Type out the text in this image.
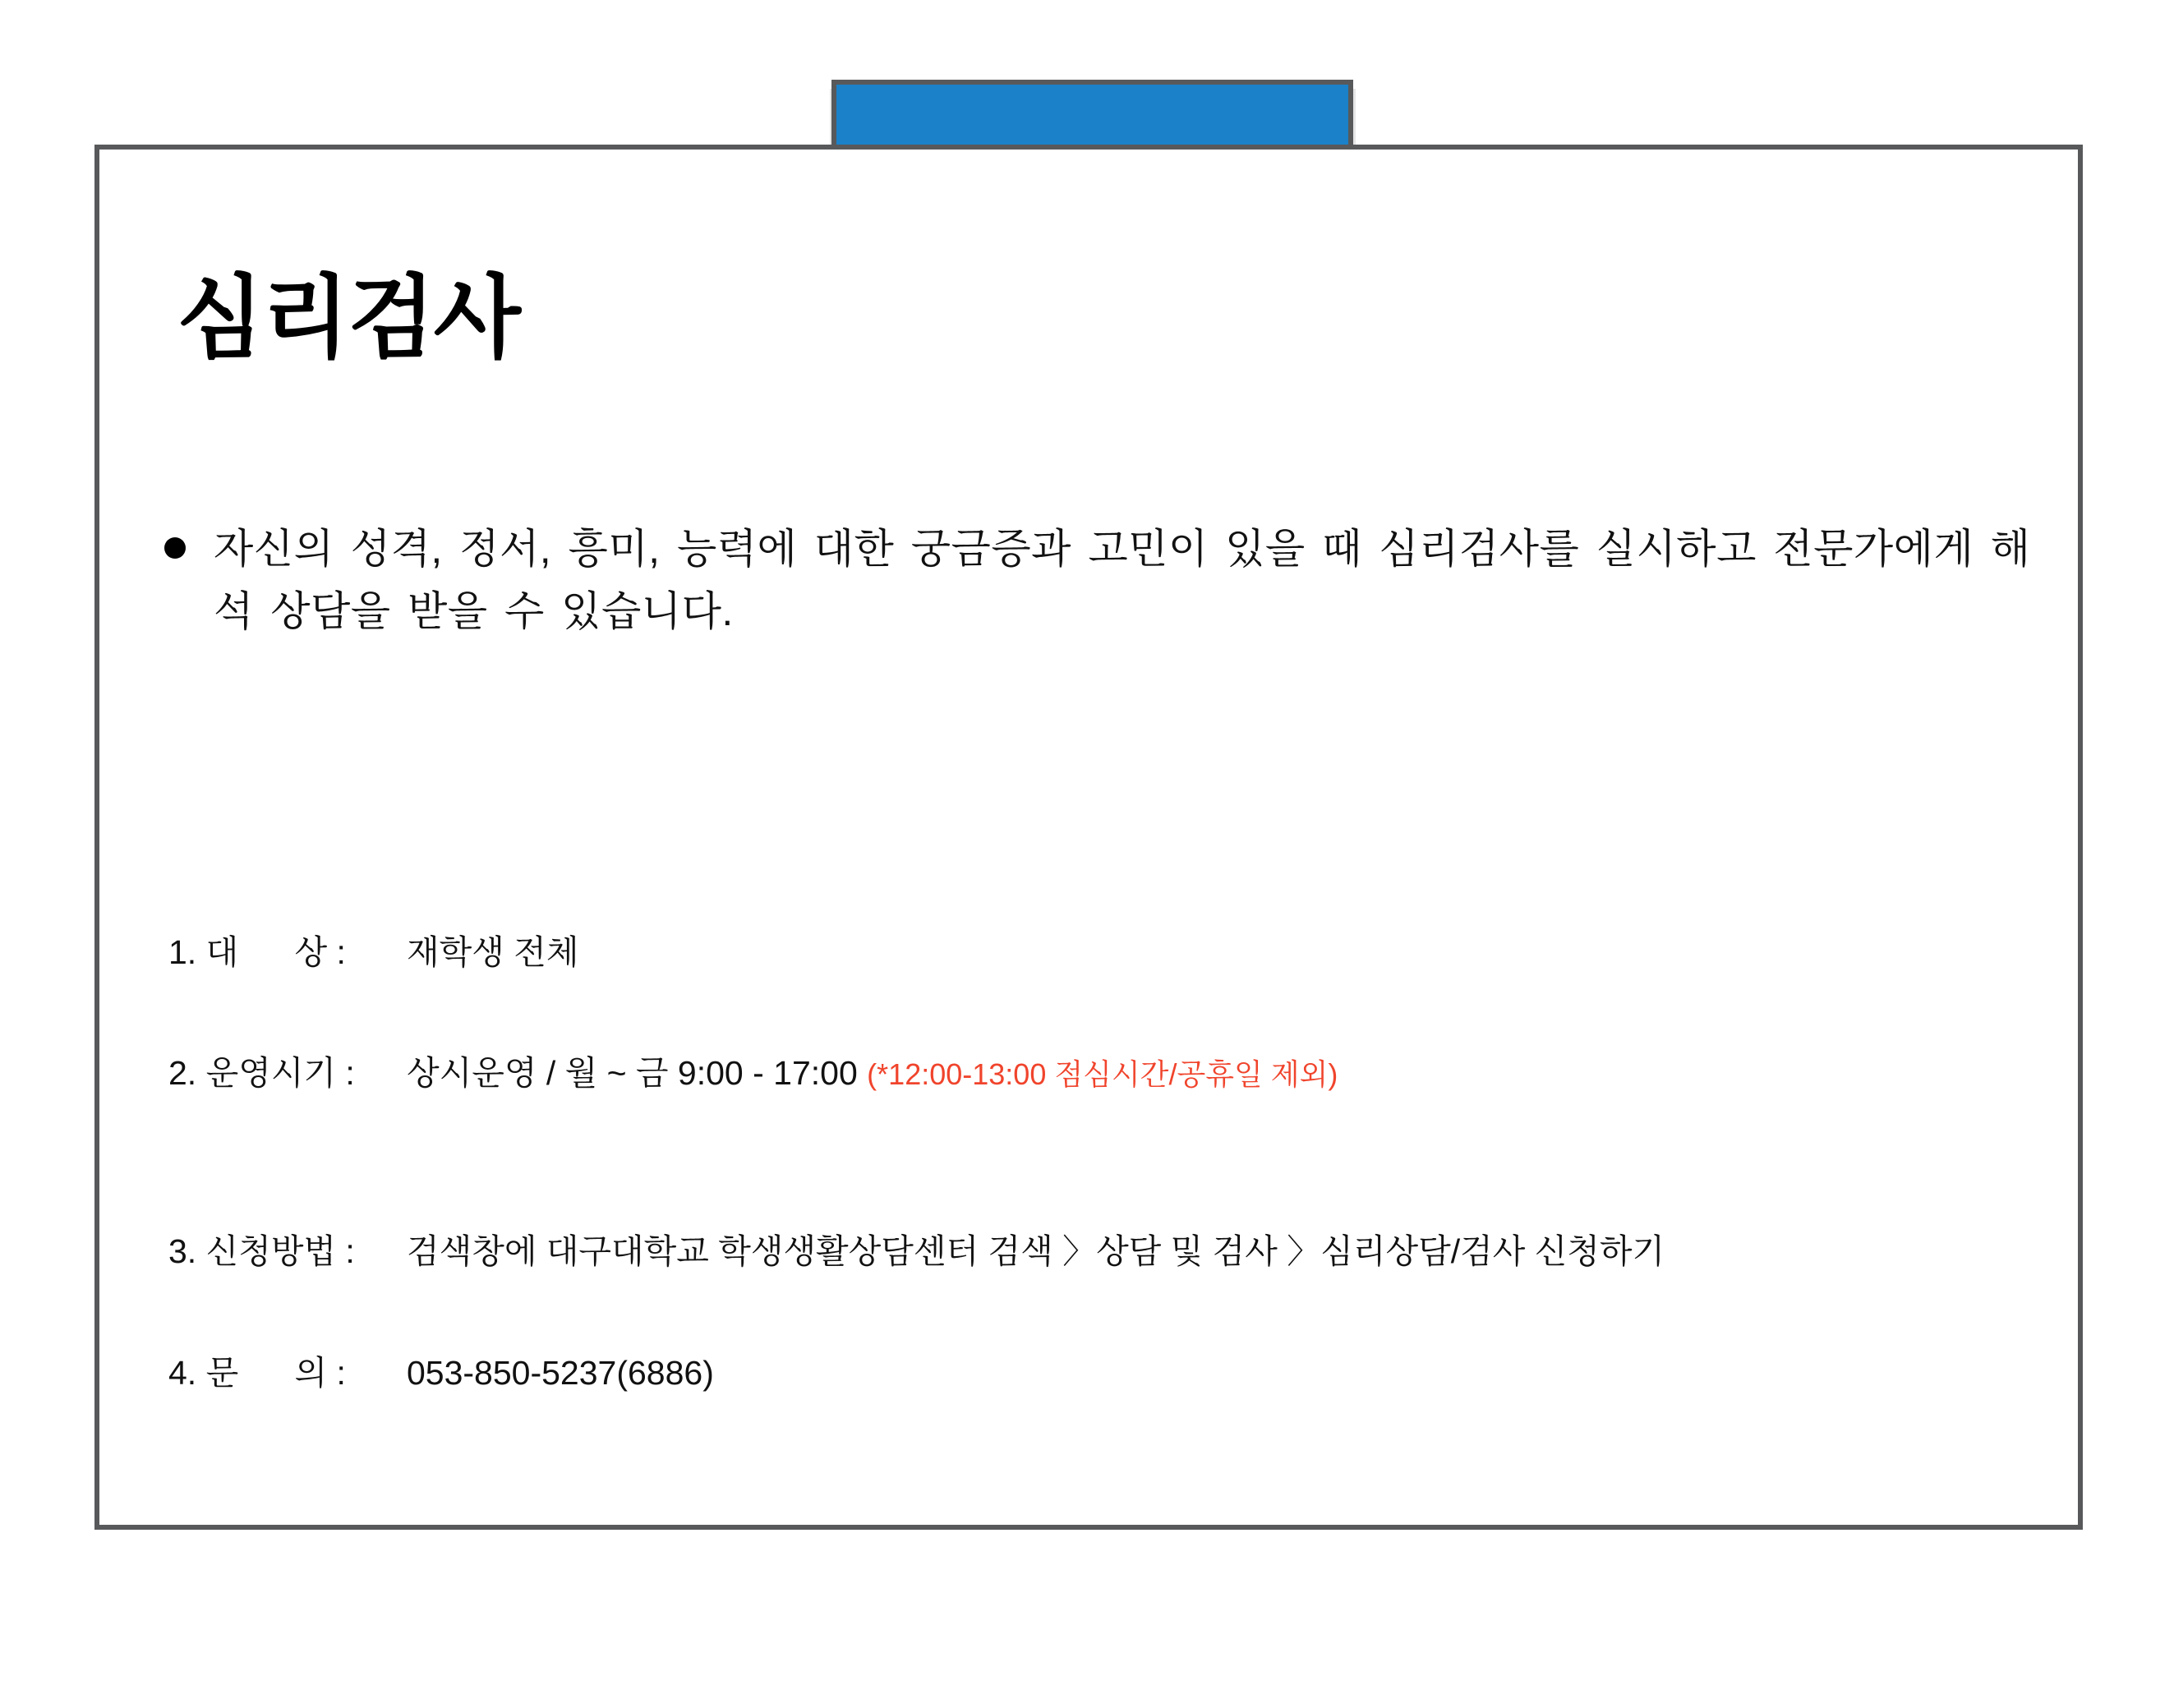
심리검사
자신의 성격, 정서, 흥미, 능력에 대한 궁금증과 고민이 있을 때 심리검사를 실시하고 전문가에게 해석 상담을 받을 수 있습니다.
1.
대      상 : 재학생 전체
2.
운영시기 : 상시운영 / 월 ~ 금 9:00 - 17:00 (*12:00-13:00 점심시간/공휴일 제외)
3.
신청방법 : 검색창에 대구대학교 학생생활상담센터 검색 〉상담 및 검사 〉심리상담/검사 신청하기
4.
문      의 : 053-850-5237(6886)
